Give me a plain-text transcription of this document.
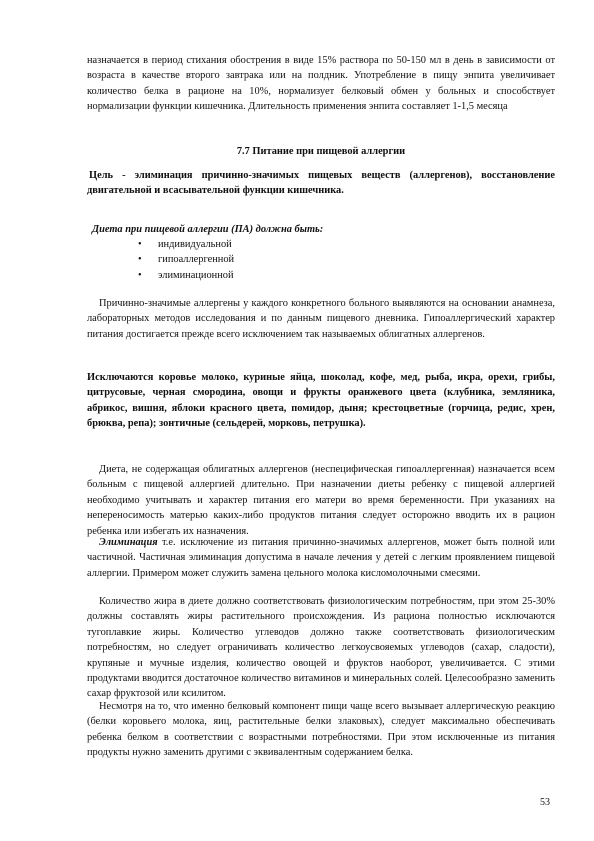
назначается в период стихания обострения в виде 15% раствора по 50-150 мл в день в зависимости от возраста в качестве второго завтрака или на полдник. Употребление в пищу энпита увеличивает количество белка в рационе на 10%, нормализует белковый обмен у больных и способствует нормализации функции кишечника. Длительность применения энпита составляет 1-1,5 месяца

7.7 Питание при пищевой аллергии

Цель - элиминация причинно-значимых пищевых веществ (аллергенов), восстановление двигательной и всасывательной функции кишечника.

Диета при пищевой аллергии (ПА) должна быть:

• индивидуальной
• гипоаллергенной
• элиминационной

Причинно-значимые аллергены у каждого конкретного больного выявляются на основании анамнеза, лабораторных методов исследования и по данным пищевого дневника. Гипоаллергический характер питания достигается прежде всего исключением так называемых облигатных аллергенов.

Исключаются коровье молоко, куриные яйца, шоколад, кофе, мед, рыба, икра, орехи, грибы, цитрусовые, черная смородина, овощи и фрукты оранжевого цвета (клубника, земляника, абрикос, вишня, яблоки красного цвета, помидор, дыня; крестоцветные (горчица, редис, хрен, брюква, репа); зонтичные (сельдерей, морковь, петрушка).

Диета, не содержащая облигатных аллергенов (неспецифическая гипоаллергенная) назначается всем больным с пищевой аллергией длительно. При назначении диеты ребенку с пищевой аллергией необходимо учитывать и характер питания его матери во время беременности. При указаниях на непереносимость матерью каких-либо продуктов питания следует осторожно вводить их в рацион ребенка или избегать их назначения.

Элиминация т.е. исключение из питания причинно-значимых аллергенов, может быть полной или частичной. Частичная элиминация допустима в начале лечения у детей с легким проявлением пищевой аллергии. Примером может служить замена цельного молока кисломолочными смесями.

Количество жира в диете должно соответствовать физиологическим потребностям, при этом 25-30% должны составлять жиры растительного происхождения. Из рациона полностью исключаются тугоплавкие жиры. Количество углеводов должно также соответствовать физиологическим потребностям, но следует ограничивать количество легкоусвояемых углеводов (сахар, сладости), крупяные и мучные изделия, количество овощей и фруктов наоборот, увеличивается. С этими продуктами вводится достаточное количество витаминов и минеральных солей. Целесообразно заменить сахар фруктозой или ксилитом.

Несмотря на то, что именно белковый компонент пищи чаще всего вызывает аллергическую реакцию (белки коровьего молока, яиц, растительные белки злаковых), следует максимально обеспечивать ребенка белком в соответствии с возрастными потребностями. При этом исключенные из питания продукты нужно заменить другими с эквивалентным содержанием белка.

53
